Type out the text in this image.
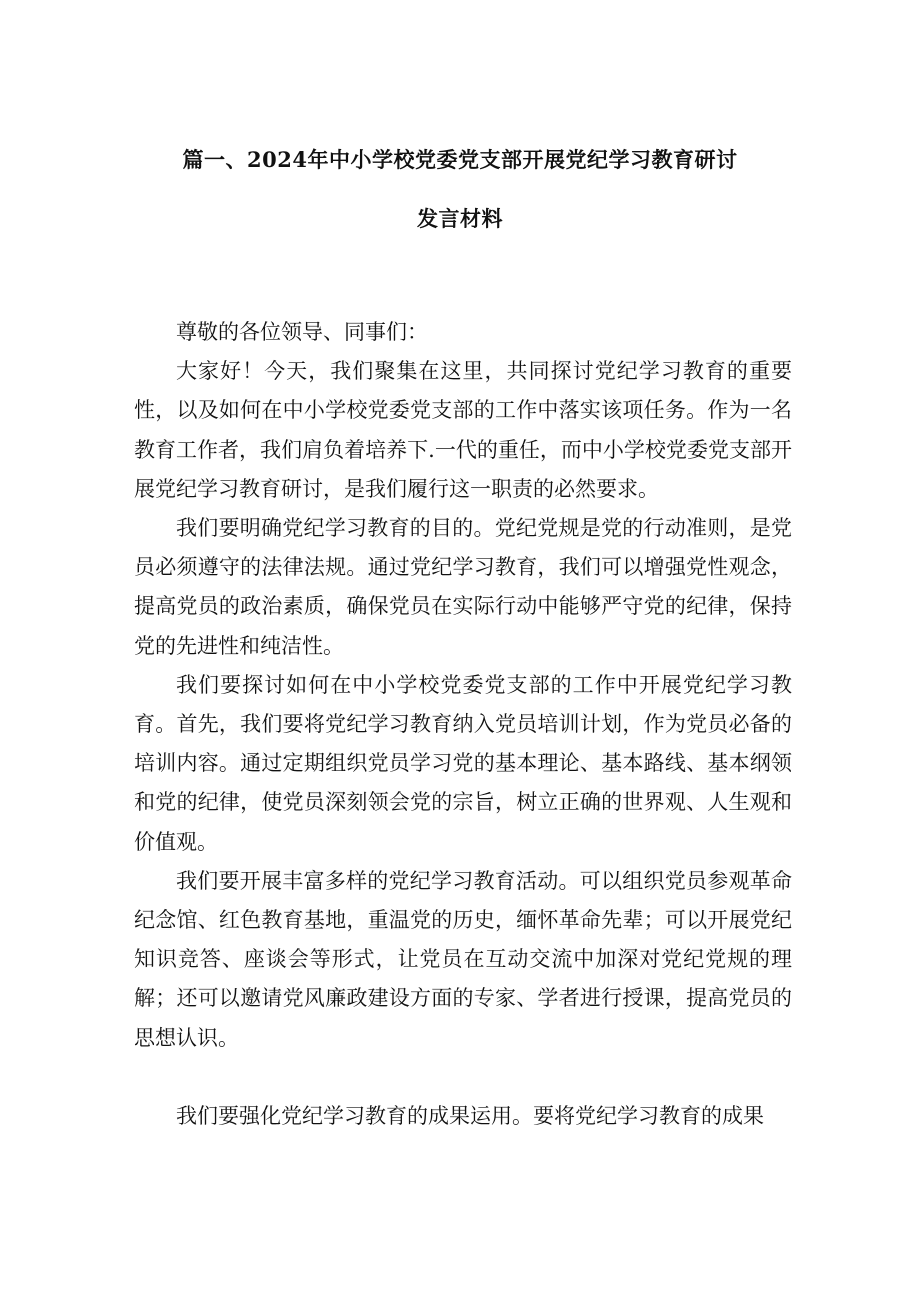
篇一、2024年中小学校党委党支部开展党纪学习教育研讨
发言材料

尊敬的各位领导、同事们：

大家好！今天，我们聚集在这里，共同探讨党纪学习教育的重要性，以及如何在中小学校党委党支部的工作中落实该项任务。作为一名教育工作者，我们肩负着培养下.一代的重任，而中小学校党委党支部开展党纪学习教育研讨，是我们履行这一职责的必然要求。

我们要明确党纪学习教育的目的。党纪党规是党的行动准则，是党员必须遵守的法律法规。通过党纪学习教育，我们可以增强党性观念，提高党员的政治素质，确保党员在实际行动中能够严守党的纪律，保持党的先进性和纯洁性。

我们要探讨如何在中小学校党委党支部的工作中开展党纪学习教育。首先，我们要将党纪学习教育纳入党员培训计划，作为党员必备的培训内容。通过定期组织党员学习党的基本理论、基本路线、基本纲领和党的纪律，使党员深刻领会党的宗旨，树立正确的世界观、人生观和价值观。

我们要开展丰富多样的党纪学习教育活动。可以组织党员参观革命纪念馆、红色教育基地，重温党的历史，缅怀革命先辈；可以开展党纪知识竞答、座谈会等形式，让党员在互动交流中加深对党纪党规的理解；还可以邀请党风廉政建设方面的专家、学者进行授课，提高党员的思想认识。

我们要强化党纪学习教育的成果运用。要将党纪学习教育的成果
